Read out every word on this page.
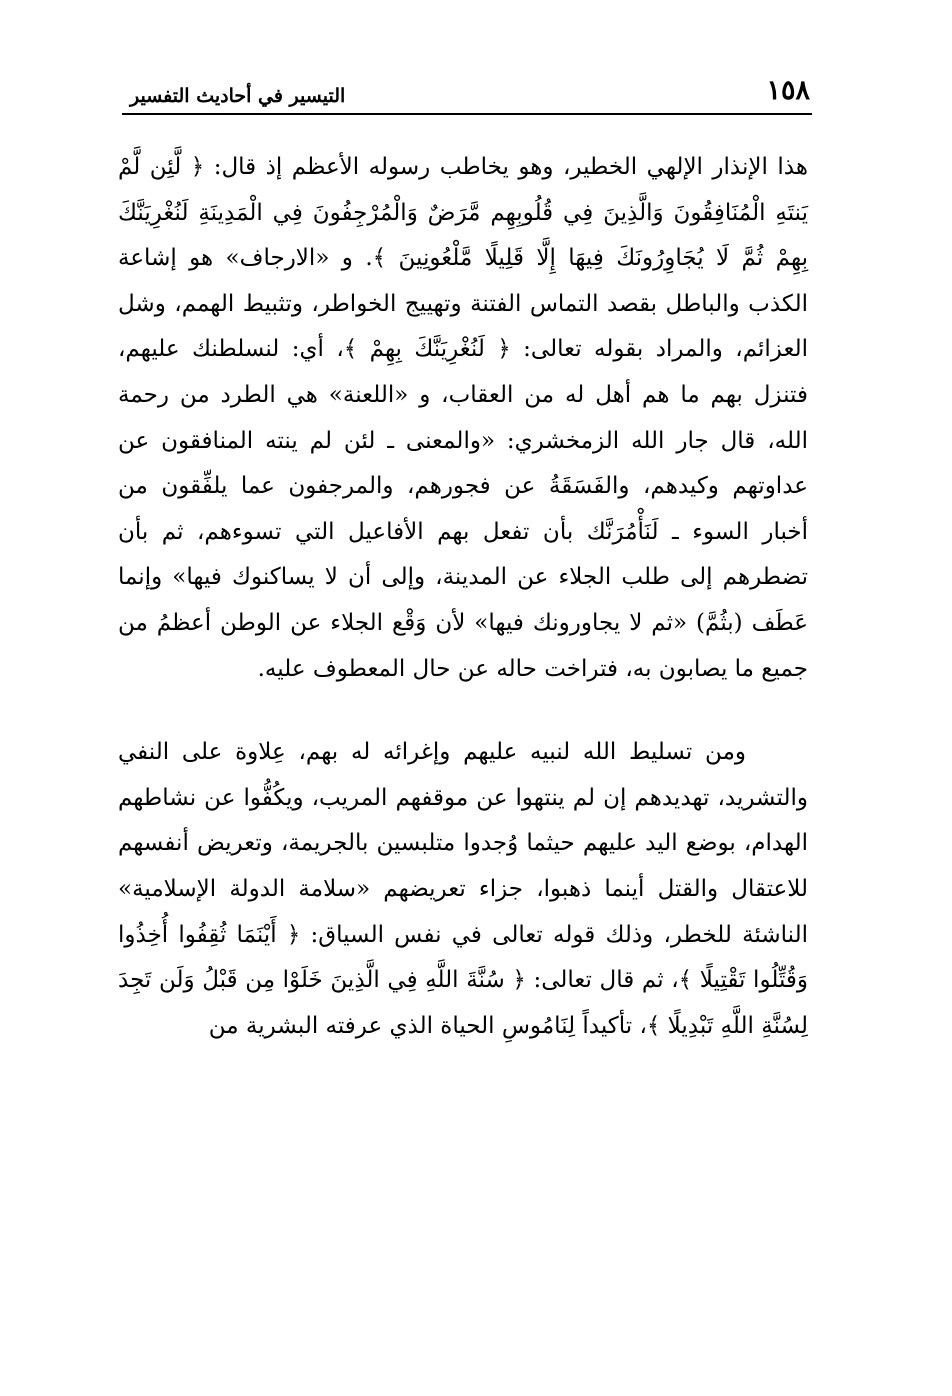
١٥٨
التيسير في أحاديث التفسير

هذا الإنذار الإلهي الخطير، وهو يخاطب رسوله الأعظم إذ قال: ﴿ لَّئِن لَّمْ يَنتَهِ الْمُنَافِقُونَ وَالَّذِينَ فِي قُلُوبِهِم مَّرَضٌ وَالْمُرْجِفُونَ فِي الْمَدِينَةِ لَنُغْرِيَنَّكَ بِهِمْ ثُمَّ لَا يُجَاوِرُونَكَ فِيهَا إِلَّا قَلِيلًا مَّلْعُونِينَ ﴾. و «الارجاف» هو إشاعة الكذب والباطل بقصد التماس الفتنة وتهييج الخواطر، وتثبيط الهمم، وشل العزائم، والمراد بقوله تعالى: ﴿ لَنُغْرِيَنَّكَ بِهِمْ ﴾، أي: لنسلطنك عليهم، فتنزل بهم ما هم أهل له من العقاب، و «اللعنة» هي الطرد من رحمة الله، قال جار الله الزمخشري: «والمعنى ـ لئن لم ينته المنافقون عن عداوتهم وكيدهم، والفَسَقَةُ عن فجورهم، والمرجفون عما يلفِّقون من أخبار السوء ـ لَنَأْمُرَنَّك بأن تفعل بهم الأفاعيل التي تسوءهم، ثم بأن تضطرهم إلى طلب الجلاء عن المدينة، وإلى أن لا يساكنوك فيها» وإنما عَطَف (بثُمَّ) «ثم لا يجاورونك فيها» لأن وَقْع الجلاء عن الوطن أعظمُ من جميع ما يصابون به، فتراخت حاله عن حال المعطوف عليه.

ومن تسليط الله لنبيه عليهم وإغرائه له بهم، عِلاوة على النفي والتشريد، تهديدهم إن لم ينتهوا عن موقفهم المريب، ويكُفُّوا عن نشاطهم الهدام، بوضع اليد عليهم حيثما وُجدوا متلبسين بالجريمة، وتعريض أنفسهم للاعتقال والقتل أينما ذهبوا، جزاء تعريضهم «سلامة الدولة الإسلامية» الناشئة للخطر، وذلك قوله تعالى في نفس السياق: ﴿ أَيْنَمَا ثُقِفُوا أُخِذُوا وَقُتِّلُوا تَقْتِيلًا ﴾، ثم قال تعالى: ﴿ سُنَّةَ اللَّهِ فِي الَّذِينَ خَلَوْا مِن قَبْلُ وَلَن تَجِدَ لِسُنَّةِ اللَّهِ تَبْدِيلًا ﴾، تأكيداً لِنَامُوسِ الحياة الذي عرفته البشرية من
